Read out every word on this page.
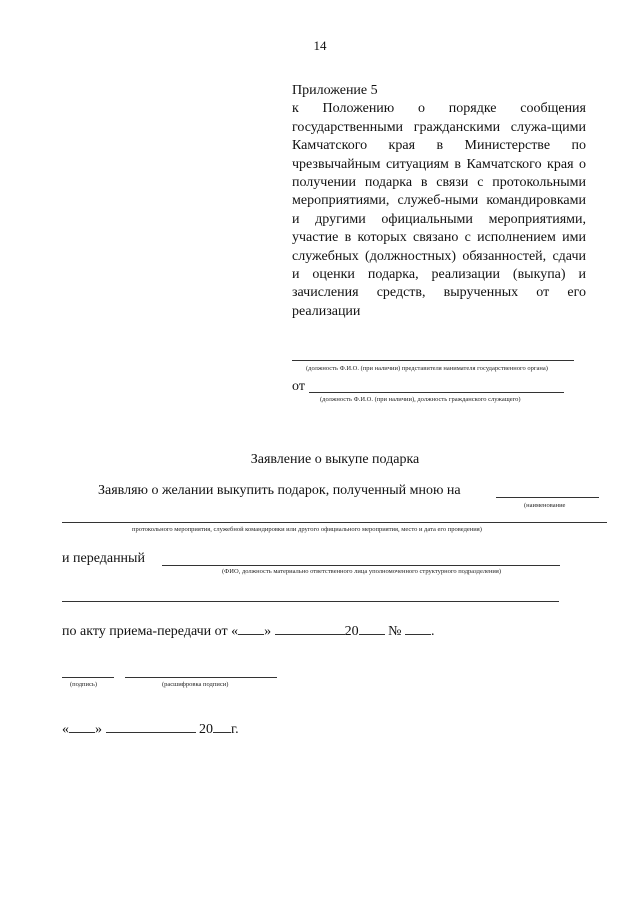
14
Приложение 5
к Положению о порядке сообщения государственными гражданскими служа-щими Камчатского края в Министерстве по чрезвычайным ситуациям в Камчатского края о получении подарка в связи с протокольными мероприятиями, служеб-ными командировками и другими официальными мероприятиями, участие в которых связано с исполнением ими служебных (должностных) обязанностей, сдачи и оценки подарка, реализации (выкупа) и зачисления средств, вырученных от его реализации
(должность Ф.И.О. (при наличии) представителя нанимателя государственного органа)
от
(должность Ф.И.О. (при наличии), должность гражданского служащего)
Заявление о выкупе подарка
Заявляю о желании выкупить подарок, полученный мною на
(наименование
протокольного мероприятия, служебной командировки или другого официального мероприятия, место и дата его проведения)
и переданный
(ФИО, должность материально ответственного лица уполномоченного структурного подразделения)
по акту приема-передачи от « »	20 № .
(подпись)	(расшифровка подписи)
« »	20 г.
